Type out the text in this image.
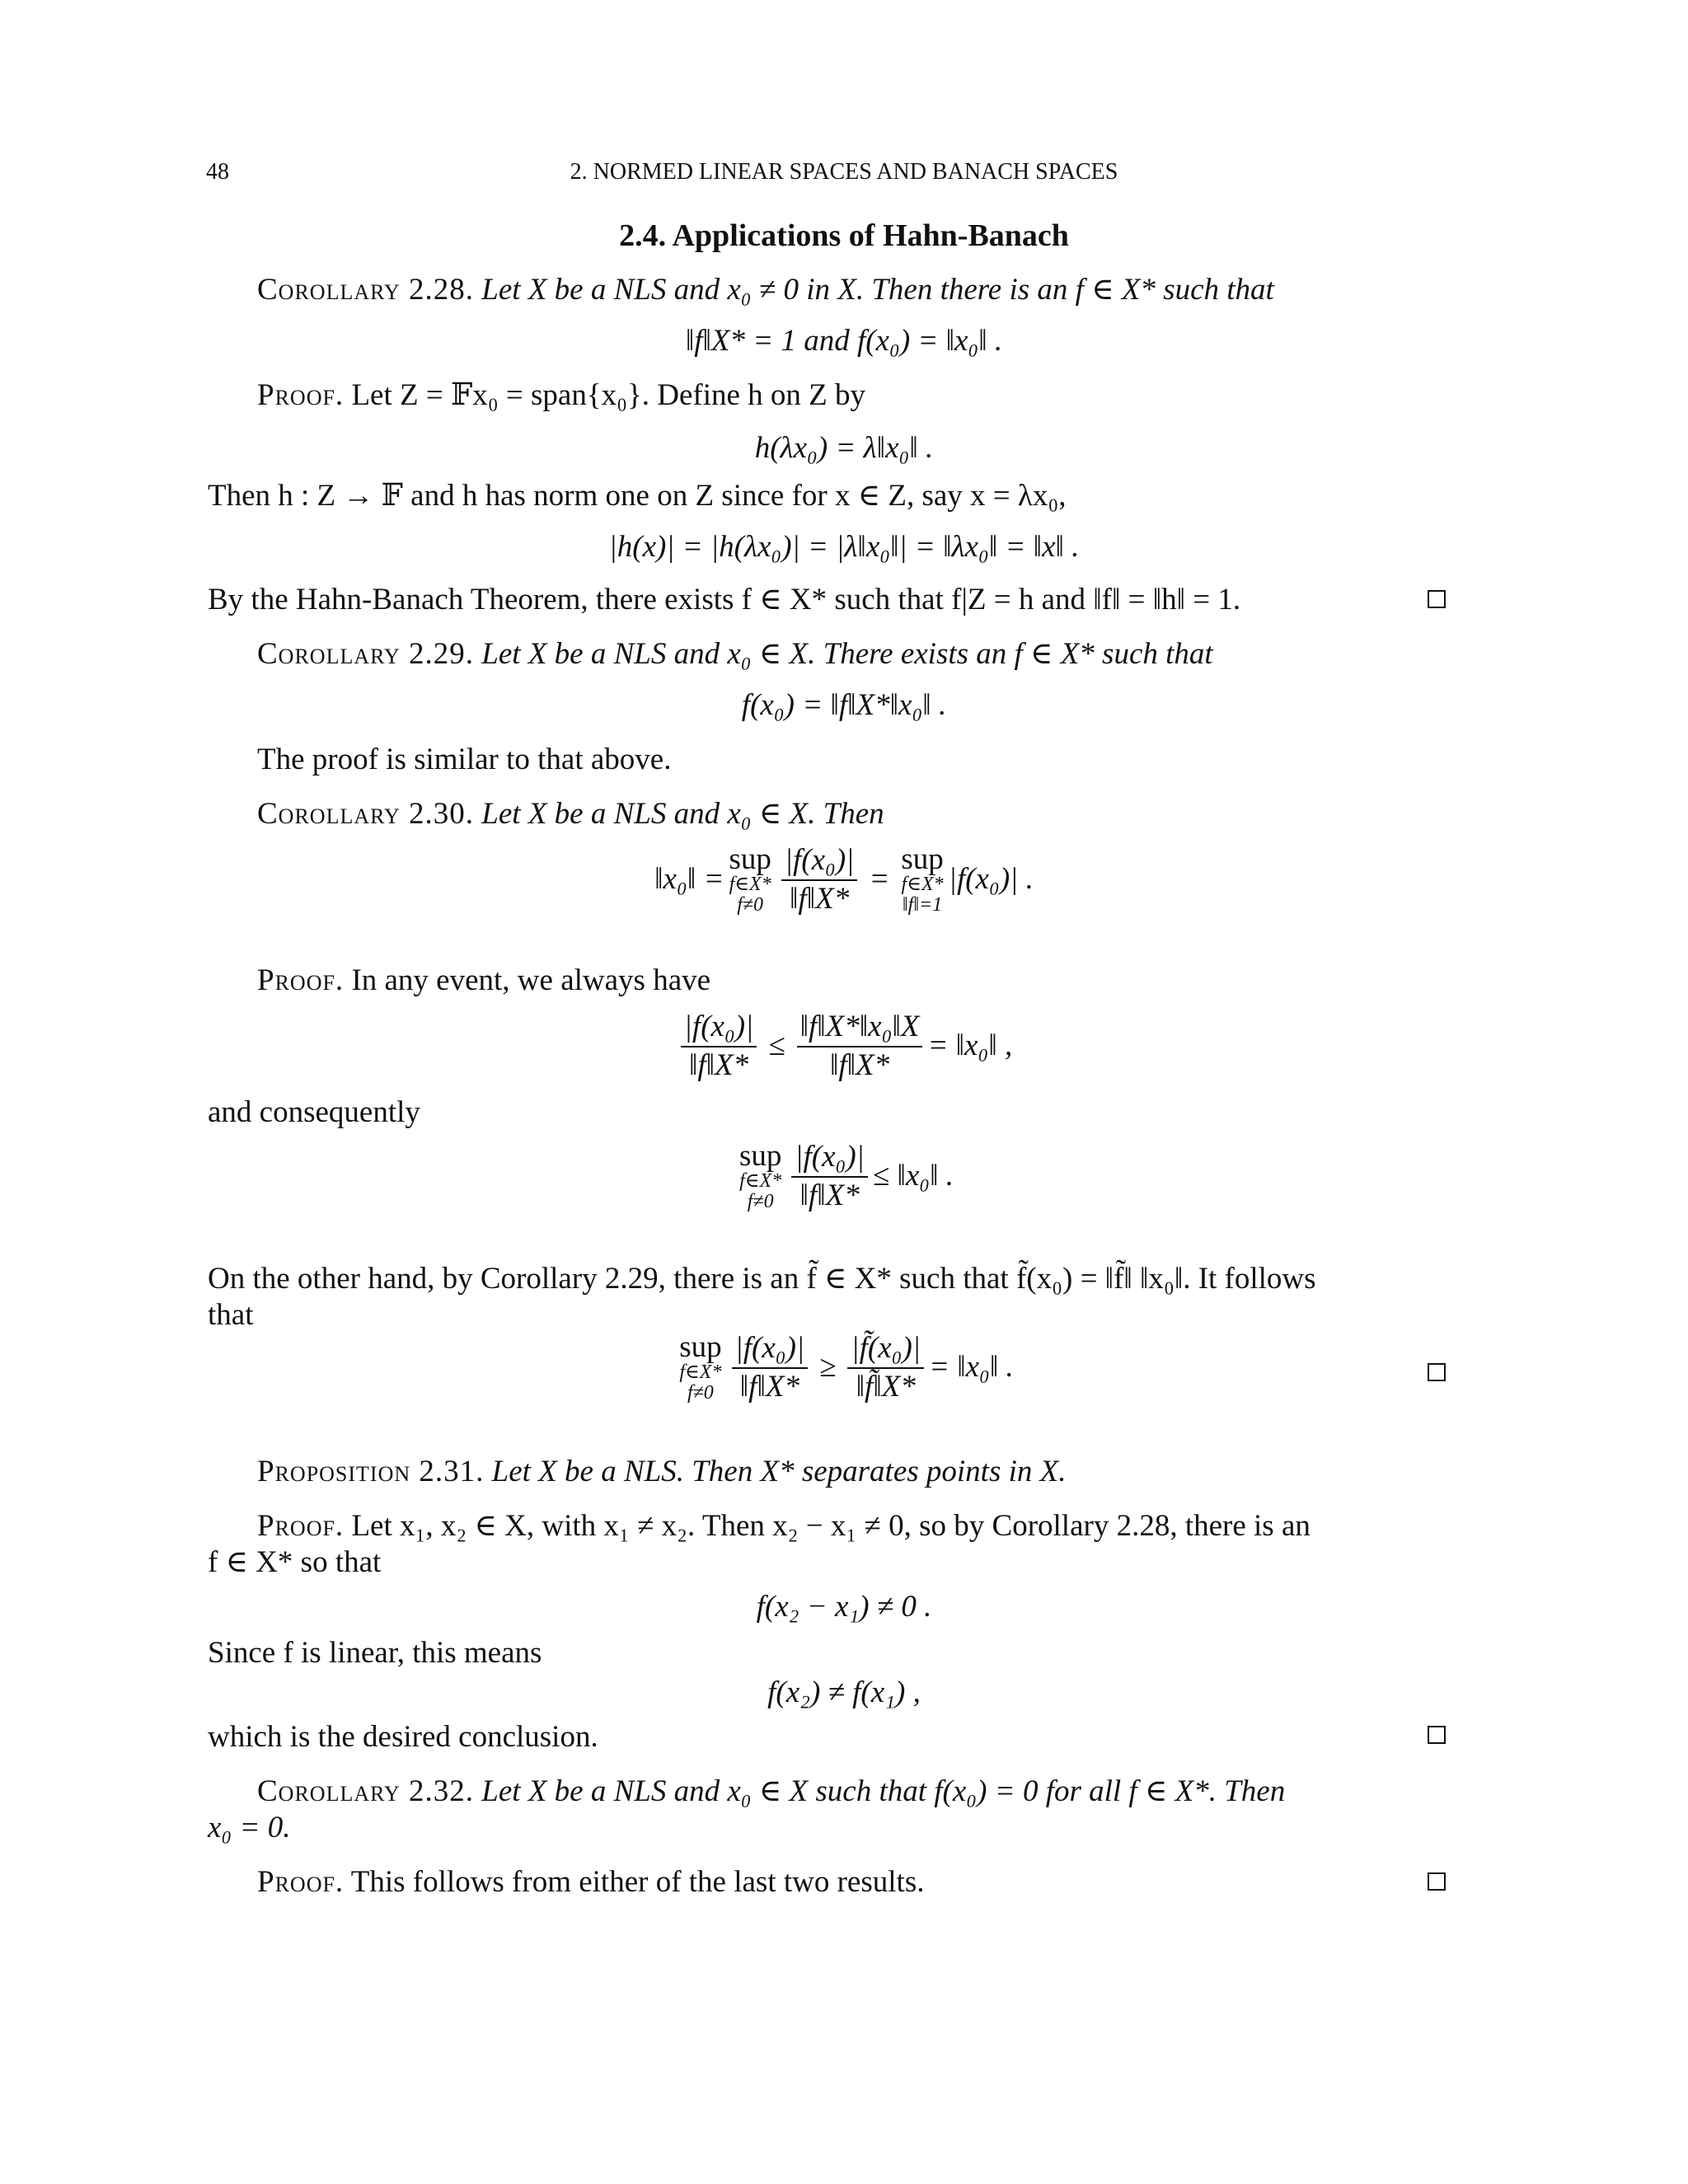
48	2. NORMED LINEAR SPACES AND BANACH SPACES
2.4. Applications of Hahn-Banach
Corollary 2.28. Let X be a NLS and x₀ ≠ 0 in X. Then there is an f ∈ X* such that
‖f‖X* = 1 and f(x₀) = ‖x₀‖ .
Proof. Let Z = 𝔽x₀ = span{x₀}. Define h on Z by
h(λx₀) = λ‖x₀‖ .
Then h : Z → 𝔽 and h has norm one on Z since for x ∈ Z, say x = λx₀,
|h(x)| = |h(λx₀)| = |λ‖x₀‖| = ‖λx₀‖ = ‖x‖ .
By the Hahn-Banach Theorem, there exists f ∈ X* such that f|Z = h and ‖f‖ = ‖h‖ = 1.
Corollary 2.29. Let X be a NLS and x₀ ∈ X. There exists an f ∈ X* such that
f(x₀) = ‖f‖X*‖x₀‖ .
The proof is similar to that above.
Corollary 2.30. Let X be a NLS and x₀ ∈ X. Then
‖x₀‖ =
sup
f∈X*
$f\ne 0 \frac{\text{|f(x₀)|}}{‖f‖X*}$ =
sup
f∈X*
‖f‖=1
|f(x₀)| .
Proof. In any event, we always have
$\frac{\text{|f(x₀)|}}{‖f‖X*} \le \frac{\text{‖f‖X*‖x₀‖X}}{‖f‖X*}$ = ‖x₀‖ ,
and consequently
sup
f∈X*
$f\ne 0 \frac{\text{|f(x₀)|}}{‖f‖X*}$ ≤ ‖x₀‖ .
On the other hand, by Corollary 2.29, there is an f̃ ∈ X* such that f̃(x₀) = ‖f̃‖ ‖x₀‖. It follows
that
sup
f∈X*
$f\ne 0 \frac{\text{|f(x₀)|}}{‖f‖X*} \ge \frac{\text{|f̃(x₀)|}}{‖f̃‖X*}$ = ‖x₀‖ .
Proposition 2.31. Let X be a NLS. Then X* separates points in X.
Proof. Let x₁, x₂ ∈ X, with x₁ ≠ x₂. Then x₂ − x₁ ≠ 0, so by Corollary 2.28, there is an
f ∈ X* so that
f(x₂ − x₁) ≠ 0 .
Since f is linear, this means
f(x₂) ≠ f(x₁) ,
which is the desired conclusion.
Corollary 2.32. Let X be a NLS and x₀ ∈ X such that f(x₀) = 0 for all f ∈ X*. Then
x₀ = 0.
Proof. This follows from either of the last two results.
